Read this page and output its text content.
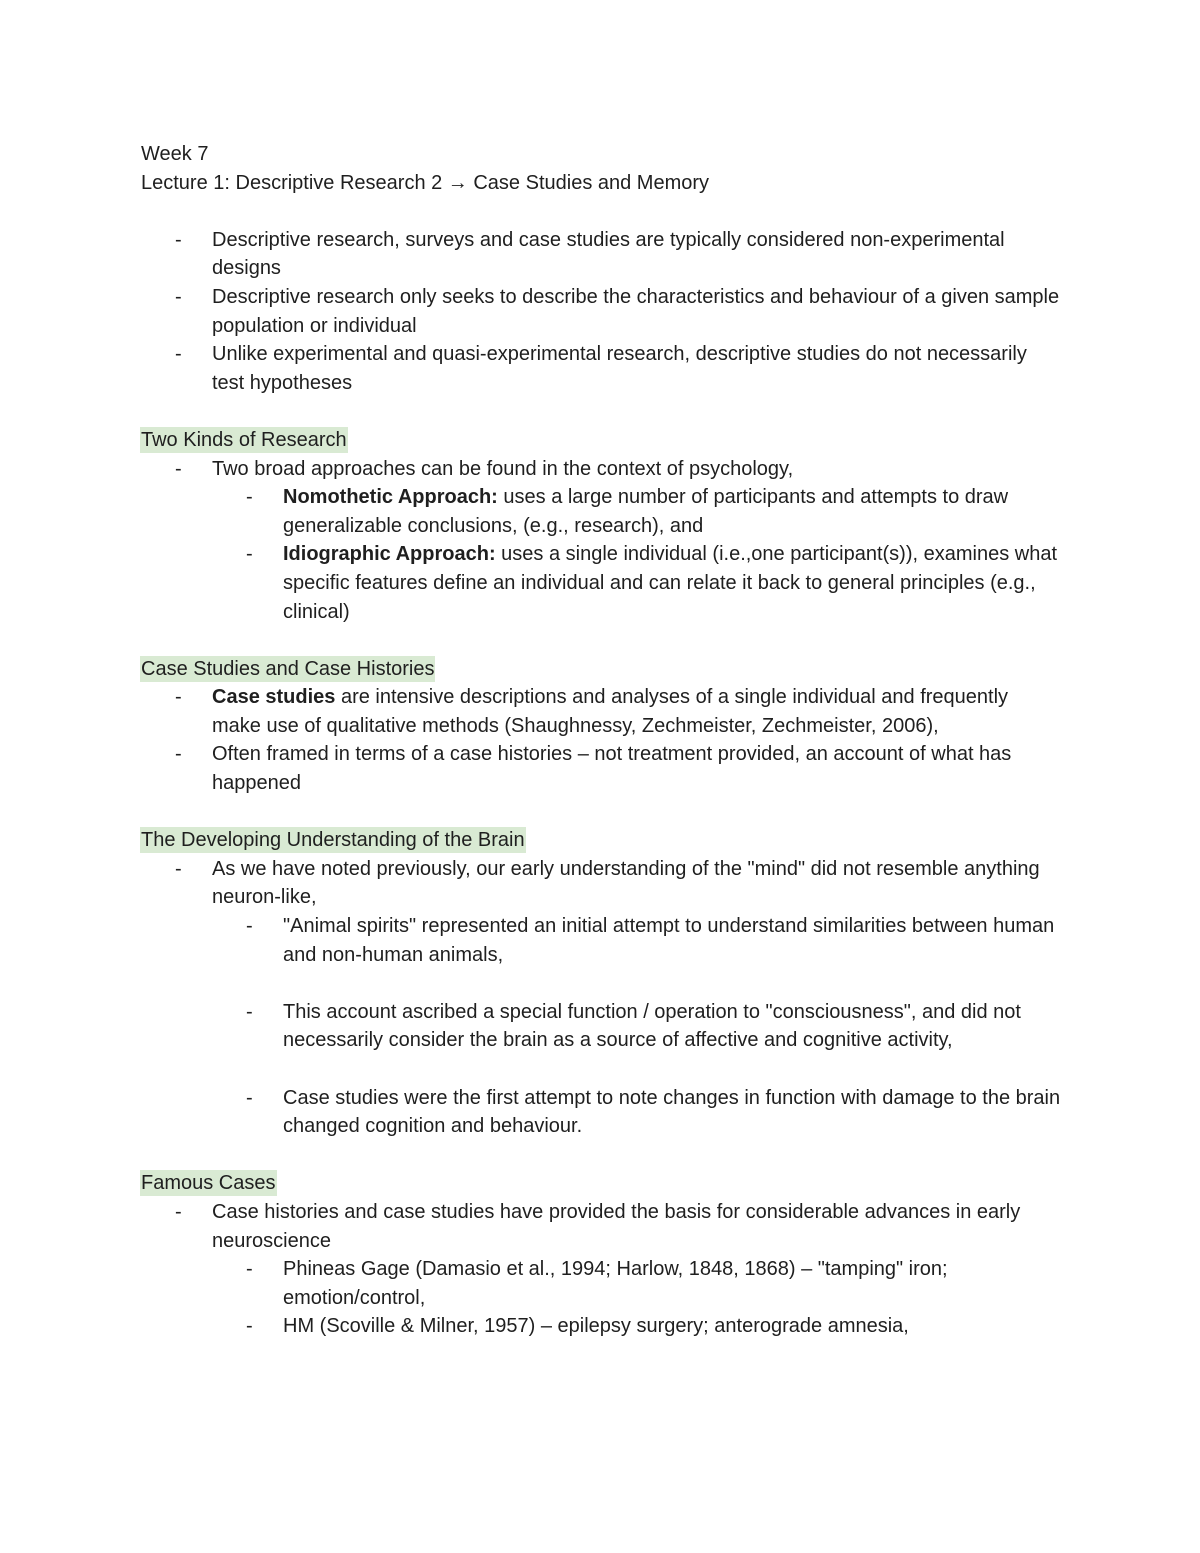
Week 7

Lecture 1: Descriptive Research 2 → Case Studies and Memory

-	Descriptive research, surveys and case studies are typically considered non-experimental designs
-	Descriptive research only seeks to describe the characteristics and behaviour of a given sample population or individual
-	Unlike experimental and quasi-experimental research, descriptive studies do not necessarily test hypotheses

Two Kinds of Research

-	Two broad approaches can be found in the context of psychology,
-	Nomothetic Approach: uses a large number of participants and attempts to draw generalizable conclusions, (e.g., research), and
-	Idiographic Approach: uses a single individual (i.e.,one participant(s)), examines what specific features define an individual and can relate it back to general principles (e.g., clinical)

Case Studies and Case Histories

-	Case studies are intensive descriptions and analyses of a single individual and frequently make use of qualitative methods (Shaughnessy, Zechmeister, Zechmeister, 2006),
-	Often framed in terms of a case histories – not treatment provided, an account of what has happened

The Developing Understanding of the Brain

-	As we have noted previously, our early understanding of the "mind" did not resemble anything neuron-like,
-	"Animal spirits" represented an initial attempt to understand similarities between human and non-human animals,
-	This account ascribed a special function / operation to "consciousness", and did not necessarily consider the brain as a source of affective and cognitive activity,
-	Case studies were the first attempt to note changes in function with damage to the brain changed cognition and behaviour.

Famous Cases

-	Case histories and case studies have provided the basis for considerable advances in early neuroscience
-	Phineas Gage (Damasio et al., 1994; Harlow, 1848, 1868) – "tamping" iron; emotion/control,
-	HM (Scoville & Milner, 1957) – epilepsy surgery; anterograde amnesia,
